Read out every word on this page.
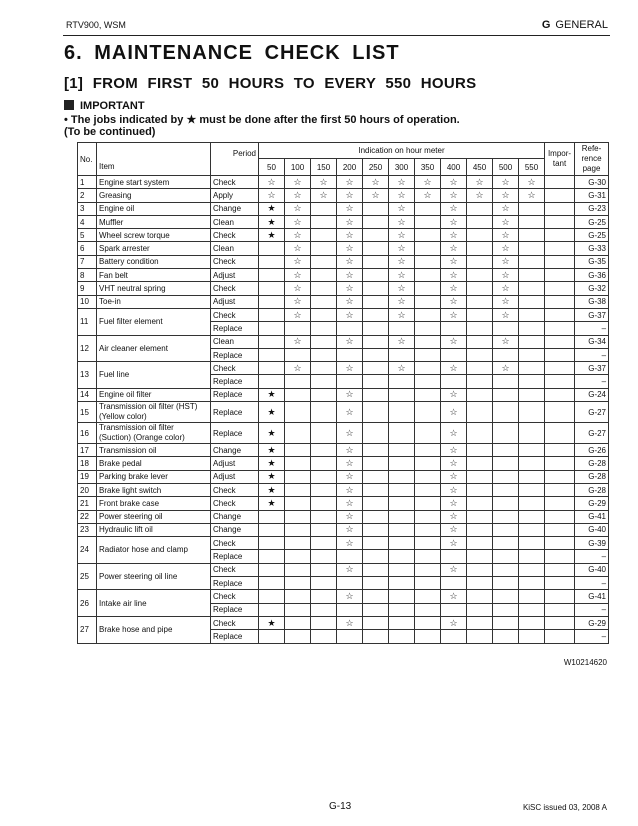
RTV900, WSM	G GENERAL
6. MAINTENANCE CHECK LIST
[1] FROM FIRST 50 HOURS TO EVERY 550 HOURS
IMPORTANT
• The jobs indicated by ★ must be done after the first 50 hours of operation.
(To be continued)
No.	Item	Period	Indication on hour meter											Impor-tant	Refe-rence page
			50	100	150	200	250	300	350	400	450	500	550		
1	Engine start system	Check	☆	☆	☆	☆	☆	☆	☆	☆	☆	☆	☆		G-30
2	Greasing	Apply	☆	☆	☆	☆	☆	☆	☆	☆	☆	☆	☆		G-31
3	Engine oil	Change	★	☆		☆		☆		☆		☆			G-23
4	Muffler	Clean	★	☆		☆		☆		☆		☆			G-25
5	Wheel screw torque	Check	★	☆		☆		☆		☆		☆			G-25
6	Spark arrester	Clean		☆		☆		☆		☆		☆			G-33
7	Battery condition	Check		☆		☆		☆		☆		☆			G-35
8	Fan belt	Adjust		☆		☆		☆		☆		☆			G-36
9	VHT neutral spring	Check		☆		☆		☆		☆		☆			G-32
10	Toe-in	Adjust		☆		☆		☆		☆		☆			G-38
11	Fuel filter element	Check		☆		☆		☆		☆		☆			G-37
		Replace													–
12	Air cleaner element	Clean		☆		☆		☆		☆		☆			G-34
		Replace													–
13	Fuel line	Check		☆		☆		☆		☆		☆			G-37
		Replace													–
14	Engine oil filter	Replace	★			☆				☆					G-24
15	Transmission oil filter (HST) (Yellow color)	Replace	★			☆				☆					G-27
16	Transmission oil filter (Suction) (Orange color)	Replace	★			☆				☆					G-27
17	Transmission oil	Change	★			☆				☆					G-26
18	Brake pedal	Adjust	★			☆				☆					G-28
19	Parking brake lever	Adjust	★			☆				☆					G-28
20	Brake light switch	Check	★			☆				☆					G-28
21	Front brake case	Check	★			☆				☆					G-29
22	Power steering oil	Change				☆				☆					G-41
23	Hydraulic lift oil	Change				☆				☆					G-40
24	Radiator hose and clamp	Check				☆				☆					G-39
		Replace													–
25	Power steering oil line	Check				☆				☆					G-40
		Replace													–
26	Intake air line	Check				☆				☆					G-41
		Replace													–
27	Brake hose and pipe	Check	★			☆				☆					G-29
		Replace													–
W10214620
G-13	KiSC issued 03, 2008 A
